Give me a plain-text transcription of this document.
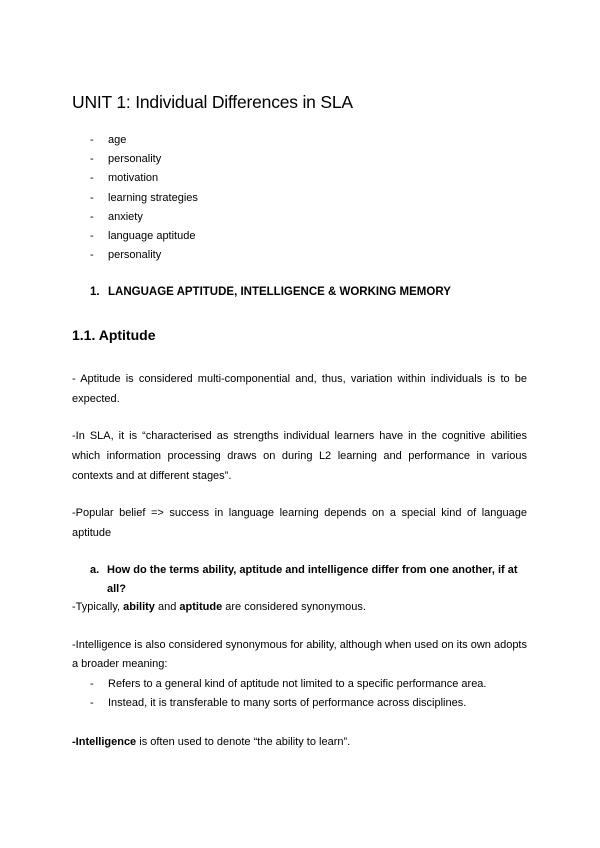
UNIT 1: Individual Differences in SLA
- age
- personality
- motivation
- learning strategies
- anxiety
- language aptitude
- personality
1. LANGUAGE APTITUDE, INTELLIGENCE & WORKING MEMORY
1.1. Aptitude
- Aptitude is considered multi-componential and, thus, variation within individuals is to be expected.
-In SLA, it is “characterised as strengths individual learners have in the cognitive abilities which information processing draws on during L2 learning and performance in various contexts and at different stages”.
-Popular belief => success in language learning depends on a special kind of language aptitude
a. How do the terms ability, aptitude and intelligence differ from one another, if at all?
-Typically, ability and aptitude are considered synonymous.
-Intelligence is also considered synonymous for ability, although when used on its own adopts a broader meaning:
- Refers to a general kind of aptitude not limited to a specific performance area.
- Instead, it is transferable to many sorts of performance across disciplines.
-Intelligence is often used to denote “the ability to learn”.
